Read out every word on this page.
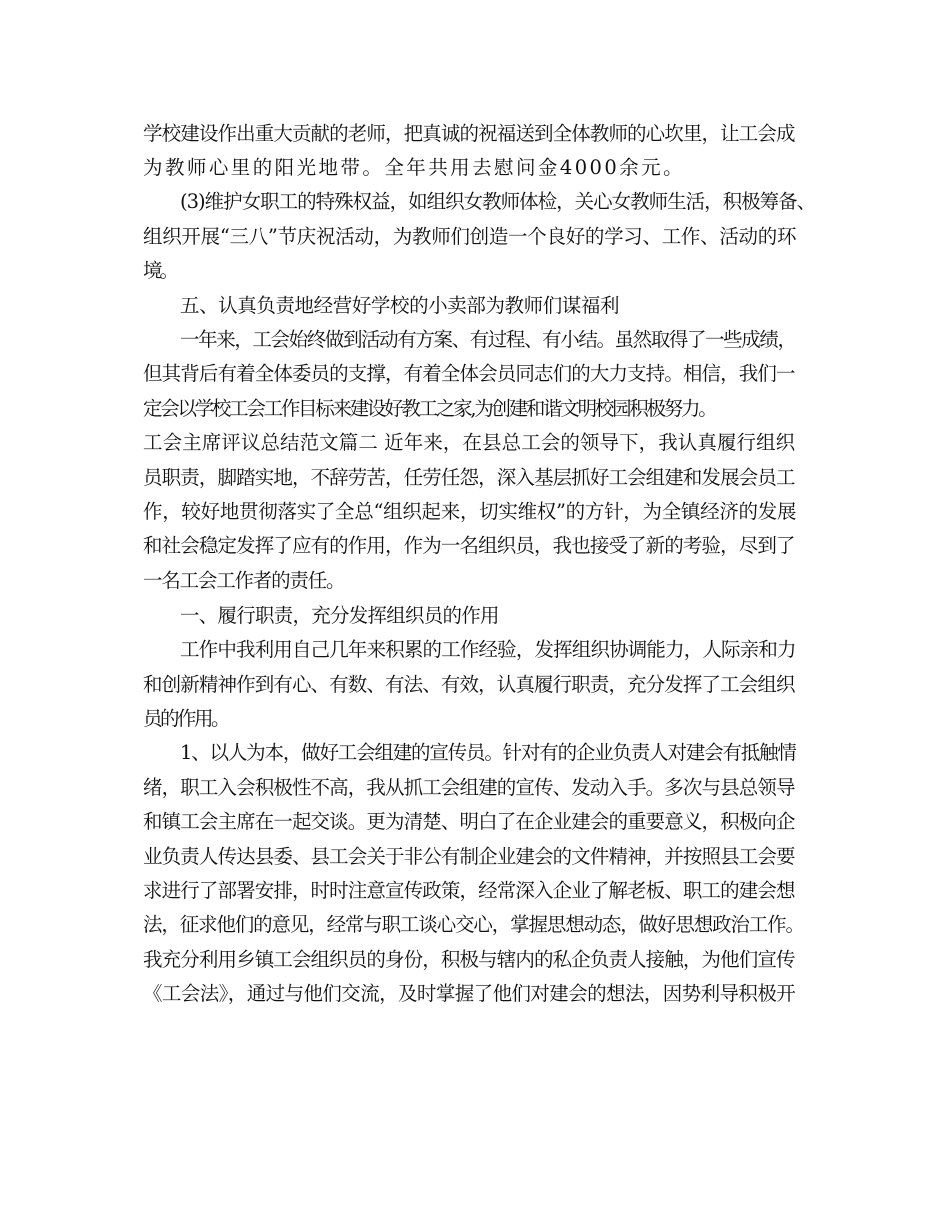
学校建设作出重大贡献的老师，把真诚的祝福送到全体教师的心坎里，让工会成
为教师心里的阳光地带。全年共用去慰问金4000余元。
(3)维护女职工的特殊权益，如组织女教师体检，关心女教师生活，积极筹备、
组织开展“三八”节庆祝活动，为教师们创造一个良好的学习、工作、活动的环
境。
五、认真负责地经营好学校的小卖部为教师们谋福利
一年来，工会始终做到活动有方案、有过程、有小结。虽然取得了一些成绩，
但其背后有着全体委员的支撑，有着全体会员同志们的大力支持。相信，我们一
定会以学校工会工作目标来建设好教工之家,为创建和谐文明校园积极努力。
工会主席评议总结范文篇二 近年来，在县总工会的领导下，我认真履行组织
员职责，脚踏实地，不辞劳苦，任劳任怨，深入基层抓好工会组建和发展会员工
作，较好地贯彻落实了全总“组织起来，切实维权”的方针，为全镇经济的发展
和社会稳定发挥了应有的作用，作为一名组织员，我也接受了新的考验，尽到了
一名工会工作者的责任。
一、履行职责，充分发挥组织员的作用
工作中我利用自己几年来积累的工作经验，发挥组织协调能力，人际亲和力
和创新精神作到有心、有数、有法、有效，认真履行职责，充分发挥了工会组织
员的作用。
1、以人为本，做好工会组建的宣传员。针对有的企业负责人对建会有抵触情
绪，职工入会积极性不高，我从抓工会组建的宣传、发动入手。多次与县总领导
和镇工会主席在一起交谈。更为清楚、明白了在企业建会的重要意义，积极向企
业负责人传达县委、县工会关于非公有制企业建会的文件精神，并按照县工会要
求进行了部署安排，时时注意宣传政策，经常深入企业了解老板、职工的建会想
法，征求他们的意见，经常与职工谈心交心，掌握思想动态，做好思想政治工作。
我充分利用乡镇工会组织员的身份，积极与辖内的私企负责人接触，为他们宣传
《工会法》，通过与他们交流，及时掌握了他们对建会的想法，因势利导积极开
